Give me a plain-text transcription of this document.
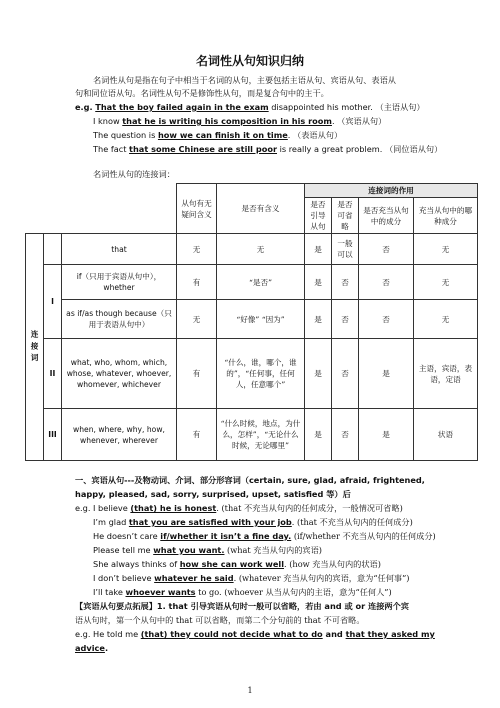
名词性从句知识归纳
名词性从句是指在句子中相当于名词的从句，主要包括主语从句、宾语从句、表语从
句和同位语从句。名词性从句不是修饰性从句，而是复合句中的主干。
e.g. That the boy failed again in the exam disappointed his mother. （主语从句）
I know that he is writing his composition in his room. （宾语从句）
The question is how we can finish it on time. （表语从句）
The fact that some Chinese are still poor is really a great problem. （同位语从句）
名词性从句的连接词：
			从句有无疑问含义	是否有含义	连接词的作用			
					是否引导从句	是否可省略	是否充当从句中的成分	充当从句中的哪种成分
连接词		that	无	无	是	一般可以	否	无
	I	if（只用于宾语从句中），whether	有	“是否”	是	否	否	无
		as if/as though because（只用于表语从句中）	无	“好像” “因为”	是	否	否	无
	II	what, who, whom, which, whose, whatever, whoever, whomever, whichever	有	“什么，谁，哪个，谁的”，“任何事，任何人，任意哪个”	是	否	是	主语，宾语，表语，定语
	III	when, where, why, how, whenever, wherever	有	“什么时候，地点，为什么，怎样”，“无论什么时候，无论哪里”	是	否	是	状语
一、宾语从句---及物动词、介词、部分形容词（certain, sure, glad, afraid, frightened,
happy, pleased, sad, sorry, surprised, upset, satisfied 等）后
e.g. I believe (that) he is honest. (that 不充当从句内的任何成分，一般情况可省略)
I’m glad that you are satisfied with your job. (that 不充当从句内的任何成分)
He doesn’t care if/whether it isn’t a fine day. (if/whether 不充当从句内的任何成分)
Please tell me what you want. (what 充当从句内的宾语)
She always thinks of how she can work well. (how 充当从句内的状语)
I don’t believe whatever he said. (whatever 充当从句内的宾语，意为“任何事”)
I’ll take whoever wants to go. (whoever 从当从句内的主语，意为“任何人”)
【宾语从句要点拓展】1. that 引导宾语从句时一般可以省略，若由 and 或 or 连接两个宾
语从句时，第一个从句中的 that 可以省略，而第二个分句前的 that 不可省略。
e.g. He told me (that) they could not decide what to do and that they asked my
advice.
1
